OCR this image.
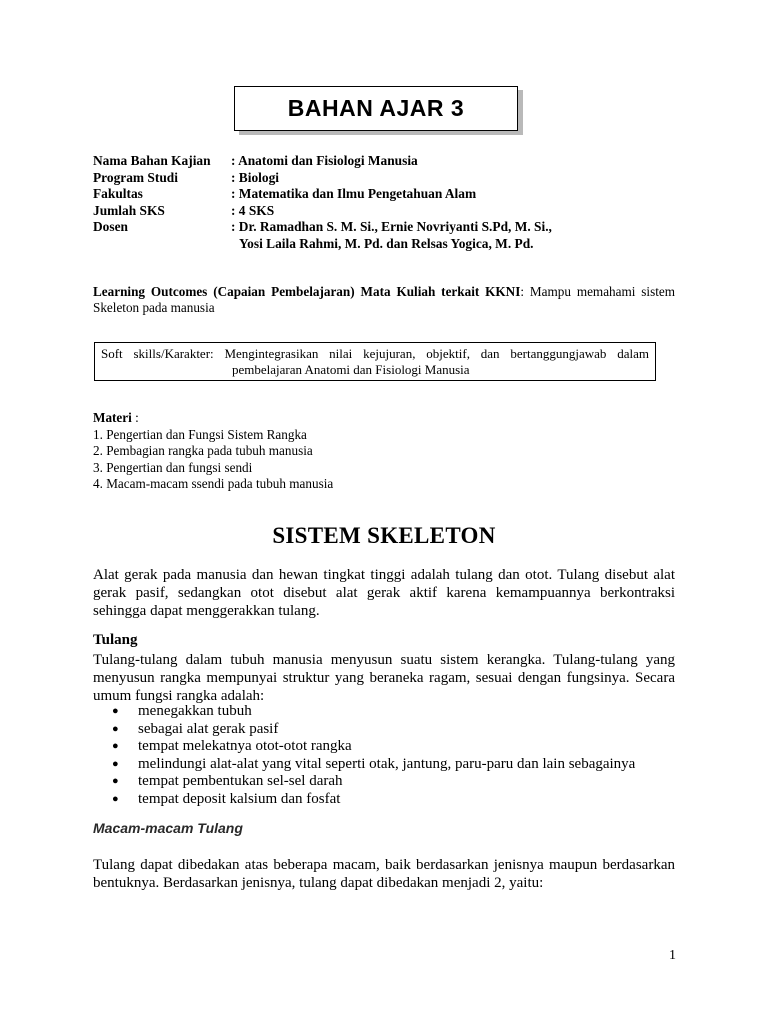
BAHAN AJAR 3
Nama Bahan Kajian	: Anatomi dan Fisiologi Manusia
Program Studi	: Biologi
Fakultas	: Matematika dan Ilmu Pengetahuan Alam
Jumlah SKS	: 4 SKS
Dosen	: Dr. Ramadhan S. M. Si., Ernie Novriyanti S.Pd, M. Si.,
Yosi Laila Rahmi, M. Pd. dan Relsas Yogica, M. Pd.
Learning Outcomes (Capaian Pembelajaran) Mata Kuliah terkait KKNI: Mampu memahami sistem Skeleton pada manusia
Soft skills/Karakter: Mengintegrasikan nilai kejujuran, objektif, dan bertanggungjawab dalam
pembelajaran Anatomi dan Fisiologi Manusia
Materi :
1. Pengertian dan Fungsi Sistem Rangka
2. Pembagian rangka pada tubuh manusia
3. Pengertian dan fungsi sendi
4. Macam-macam ssendi pada tubuh manusia
SISTEM SKELETON
Alat gerak pada manusia dan hewan tingkat tinggi adalah tulang dan otot. Tulang disebut alat gerak pasif, sedangkan otot disebut alat gerak aktif karena kemampuannya berkontraksi sehingga dapat menggerakkan tulang.
Tulang
Tulang-tulang dalam tubuh manusia menyusun suatu sistem kerangka. Tulang-tulang yang menyusun rangka mempunyai struktur yang beraneka ragam, sesuai dengan fungsinya. Secara umum fungsi rangka adalah:
●	menegakkan tubuh
●	sebagai alat gerak pasif
●	tempat melekatnya otot-otot rangka
●	melindungi alat-alat yang vital seperti otak, jantung, paru-paru dan lain sebagainya
●	tempat pembentukan sel-sel darah
●	tempat deposit kalsium dan fosfat
Macam-macam Tulang
Tulang dapat dibedakan atas beberapa macam, baik berdasarkan jenisnya maupun berdasarkan bentuknya. Berdasarkan jenisnya, tulang dapat dibedakan menjadi 2, yaitu:
1
